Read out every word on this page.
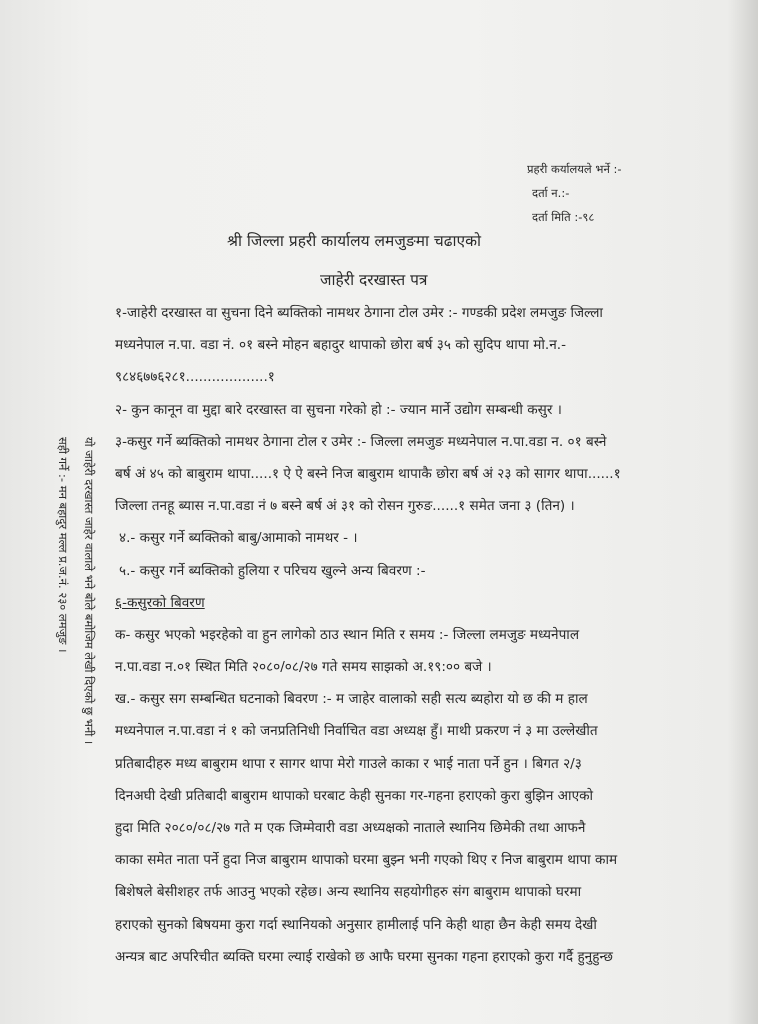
प्रहरी कर्यालयले भर्ने :-
दर्ता न.:-
दर्ता मिति :-९८
श्री जिल्ला प्रहरी कार्यालय लमजुङमा चढाएको
जाहेरी दरखास्त पत्र
१-जाहेरी दरखास्त वा सुचना दिने ब्यक्तिको नामथर ठेगाना टोल उमेर :- गण्डकी प्रदेश लमजुङ जिल्ला
मध्यनेपाल न.पा. वडा नं. ०१ बस्ने मोहन बहादुर थापाको छोरा बर्ष ३५ को सुदिप थापा मो.न.-
९८४६७७६२८१...................१
२- कुन कानून वा मुद्दा बारे दरखास्त वा सुचना गरेको हो :- ज्यान मार्ने उद्योग सम्बन्धी कसुर ।
३-कसुर गर्ने ब्यक्तिको नामथर ठेगाना टोल र उमेर :- जिल्ला लमजुङ मध्यनेपाल न.पा.वडा न. ०१ बस्ने
बर्ष अं ४५ को बाबुराम थापा.....१ ऐ ऐ बस्ने निज बाबुराम थापाकै छोरा बर्ष अं २३ को सागर थापा......१
जिल्ला तनहू ब्यास न.पा.वडा नं ७ बस्ने बर्ष अं ३१ को रोसन गुरुङ......१ समेत जना ३ (तिन) ।
४.- कसुर गर्ने ब्यक्तिको बाबु/आमाको नामथर - ।
५.- कसुर गर्ने ब्यक्तिको हुलिया र परिचय खुल्ने अन्य बिवरण :-
६-कसुरको बिवरण
क- कसुर भएको भइरहेको वा हुन लागेको ठाउ स्थान मिति र समय :- जिल्ला लमजुङ मध्यनेपाल
न.पा.वडा न.०१ स्थित मिति २०८०/०८/२७ गते समय साझको अ.१९:०० बजे ।
ख.- कसुर सग सम्बन्धित घटनाको बिवरण :- म जाहेर वालाको सही सत्य ब्यहोरा यो छ की म हाल
मध्यनेपाल न.पा.वडा नं १ को जनप्रतिनिधी निर्वाचित वडा अध्यक्ष हुँ। माथी प्रकरण नं ३ मा उल्लेखीत
प्रतिबादीहरु मध्य बाबुराम थापा र सागर थापा मेरो गाउले काका र भाई नाता पर्ने हुन । बिगत २/३
दिनअघी देखी प्रतिबादी बाबुराम थापाको घरबाट केही सुनका गर-गहना हराएको कुरा बुझिन आएको
हुदा मिति २०८०/०८/२७ गते म एक जिम्मेवारी वडा अध्यक्षको नाताले स्थानिय छिमेकी तथा आफनै
काका समेत नाता पर्ने हुदा निज बाबुराम थापाको घरमा बुझ्न भनी गएको थिए र निज बाबुराम थापा काम
बिशेषले बेसीशहर तर्फ आउनु भएको रहेछ। अन्य स्थानिय सहयोगीहरु संग बाबुराम थापाको घरमा
हराएको सुनको बिषयमा कुरा गर्दा स्थानियको अनुसार हामीलाई पनि केही थाहा छैन केही समय देखी
अन्यत्र बाट अपरिचीत ब्यक्ति घरमा ल्याई राखेको छ आफै घरमा सुनका गहना हराएको कुरा गर्दै हुनुहुन्छ
यो जाहेरी दरखास्त जाहेर वालाले भने बोले बमोजिम लेखी दिएको छु भनी ।
सही गर्ने :- मन बहादुर मल्ल प्र.ज.नं. २३० लमजुङ ।
